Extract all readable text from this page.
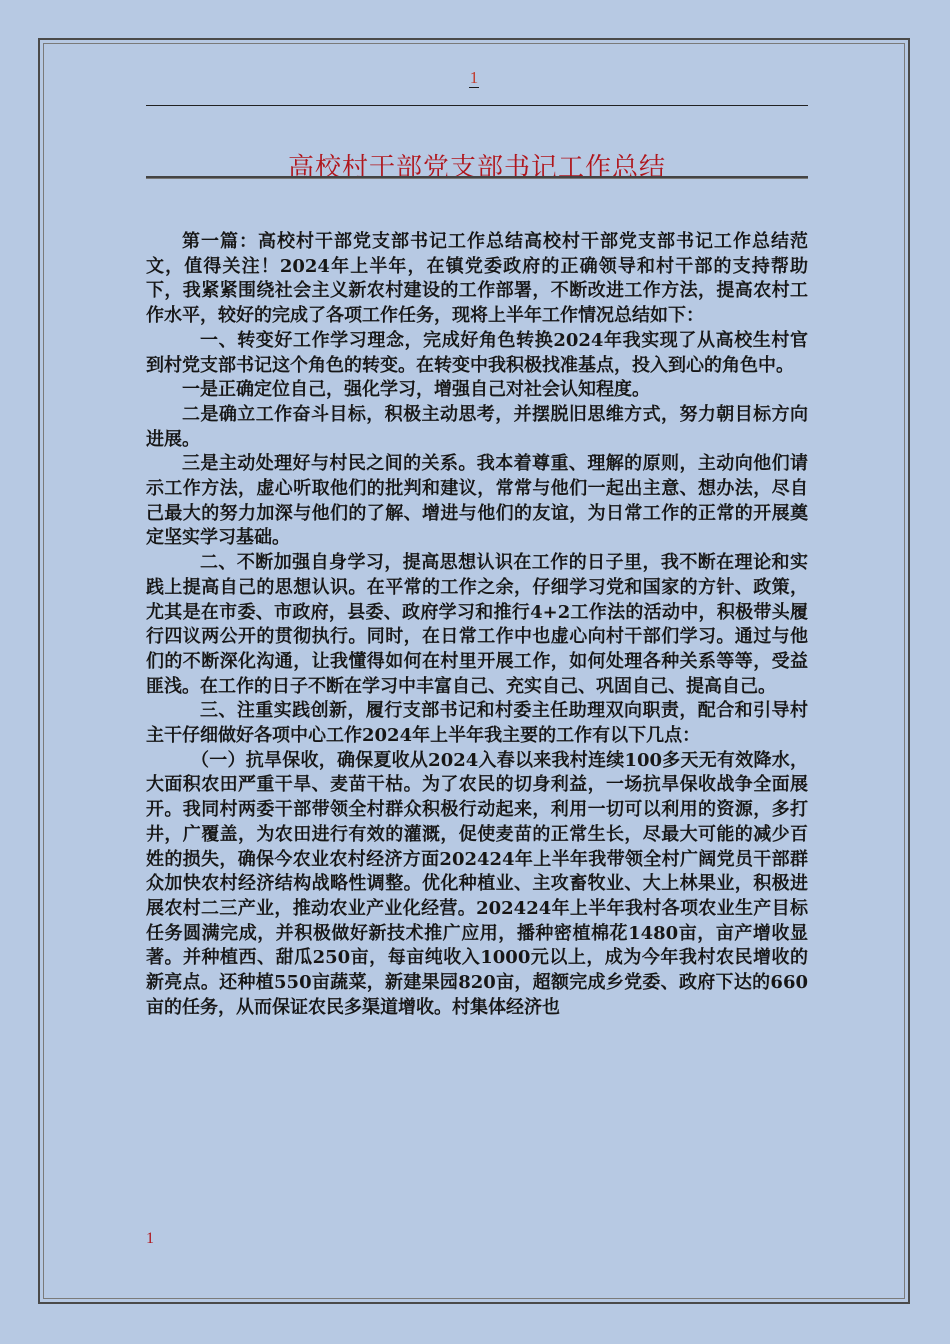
1
高校村干部党支部书记工作总结

第一篇：高校村干部党支部书记工作总结高校村干部党支部书记工作总结范文，值得关注！2024年上半年，在镇党委政府的正确领导和村干部的支持帮助下，我紧紧围绕社会主义新农村建设的工作部署，不断改进工作方法，提高农村工作水平，较好的完成了各项工作任务，现将上半年工作情况总结如下：

一、转变好工作学习理念，完成好角色转换2024年我实现了从高校生村官到村党支部书记这个角色的转变。在转变中我积极找准基点，投入到心的角色中。

一是正确定位自己，强化学习，增强自己对社会认知程度。

二是确立工作奋斗目标，积极主动思考，并摆脱旧思维方式，努力朝目标方向进展。

三是主动处理好与村民之间的关系。我本着尊重、理解的原则，主动向他们请示工作方法，虚心听取他们的批判和建议，常常与他们一起出主意、想办法，尽自己最大的努力加深与他们的了解、增进与他们的友谊，为日常工作的正常的开展奠定坚实学习基础。

二、不断加强自身学习，提高思想认识在工作的日子里，我不断在理论和实践上提高自己的思想认识。在平常的工作之余，仔细学习党和国家的方针、政策，尤其是在市委、市政府，县委、政府学习和推行4+2工作法的活动中，积极带头履行四议两公开的贯彻执行。同时，在日常工作中也虚心向村干部们学习。通过与他们的不断深化沟通，让我懂得如何在村里开展工作，如何处理各种关系等等，受益匪浅。在工作的日子不断在学习中丰富自己、充实自己、巩固自己、提高自己。

三、注重实践创新，履行支部书记和村委主任助理双向职责，配合和引导村主干仔细做好各项中心工作2024年上半年我主要的工作有以下几点：

（一）抗旱保收，确保夏收从2024入春以来我村连续100多天无有效降水，大面积农田严重干旱、麦苗干枯。为了农民的切身利益，一场抗旱保收战争全面展开。我同村两委干部带领全村群众积极行动起来，利用一切可以利用的资源，多打井，广覆盖，为农田进行有效的灌溉，促使麦苗的正常生长，尽最大可能的减少百姓的损失，确保今农业农村经济方面202424年上半年我带领全村广阔党员干部群众加快农村经济结构战略性调整。优化种植业、主攻畜牧业、大上林果业，积极进展农村二三产业，推动农业产业化经营。202424年上半年我村各项农业生产目标任务圆满完成，并积极做好新技术推广应用，播种密植棉花1480亩，亩产增收显著。并种植西、甜瓜250亩，每亩纯收入1000元以上，成为今年我村农民增收的新亮点。还种植550亩蔬菜，新建果园820亩，超额完成乡党委、政府下达的660亩的任务，从而保证农民多渠道增收。村集体经济也

1
